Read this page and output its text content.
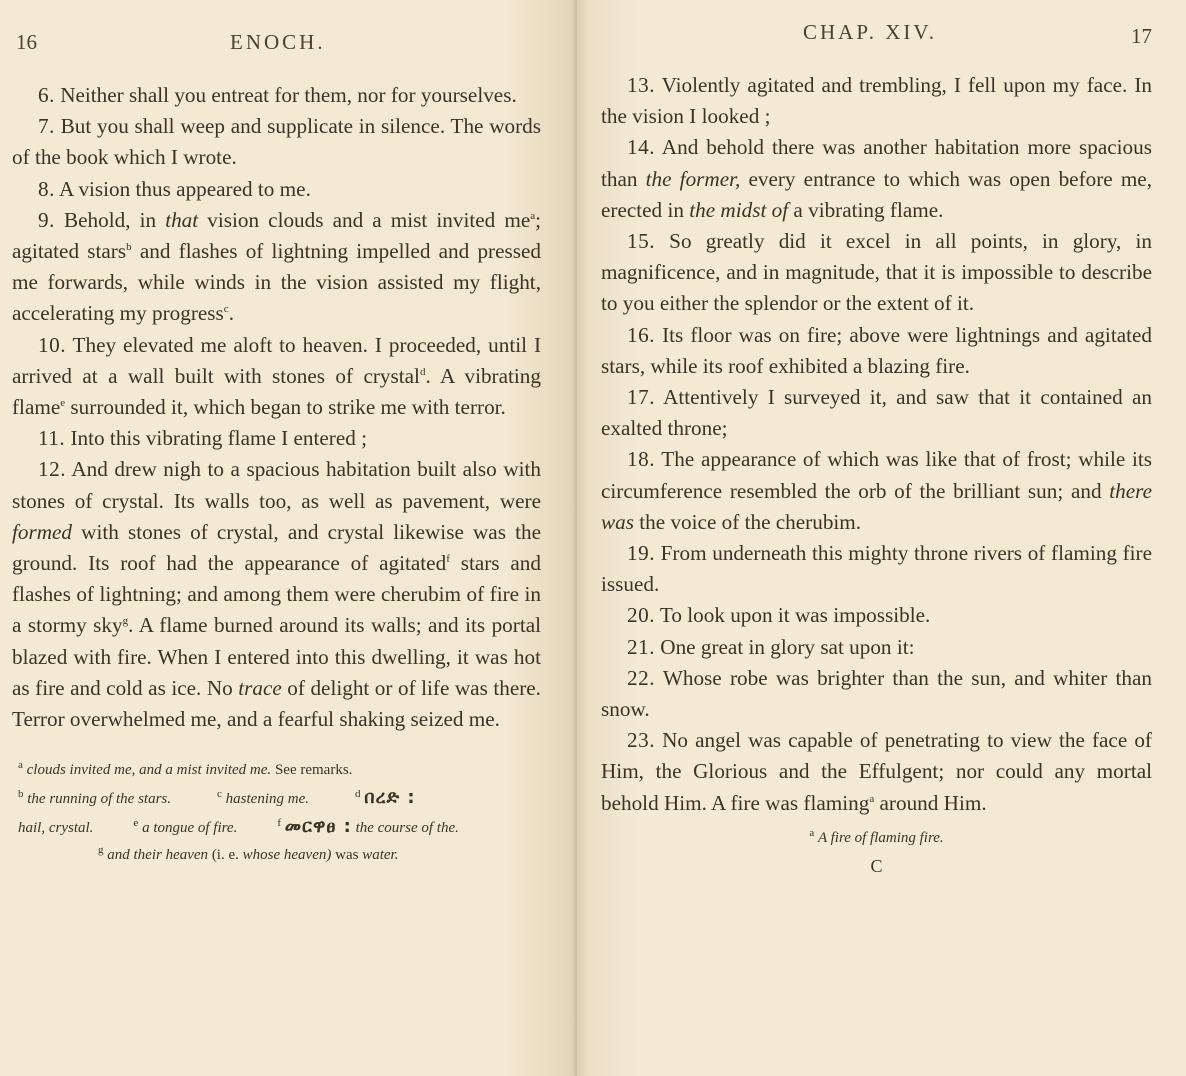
16	ENOCH.

6. Neither shall you entreat for them, nor for yourselves.

7. But you shall weep and supplicate in silence. The words of the book which I wrote.

8. A vision thus appeared to me.

9. Behold, in that vision clouds and a mist invited $me^a$; agitated stars$^b$ and flashes of lightning impelled and pressed me forwards, while winds in the vision assisted my flight, accelerating my progress$^c$.

10. They elevated me aloft to heaven. I proceeded, until I arrived at a wall built with stones of crystal$^d$. A vibrating flame$^e$ surrounded it, which began to strike me with terror.

11. Into this vibrating flame I entered ;

12. And drew nigh to a spacious habitation built also with stones of crystal. Its walls too, as well as pavement, were formed with stones of crystal, and crystal likewise was the ground. Its roof had the appearance of agitated$^f$ stars and flashes of lightning; and among them were cherubim of fire in a stormy sky$^g$. A flame burned around its walls; and its portal blazed with fire. When I entered into this dwelling, it was hot as fire and cold as ice. No trace of delight or of life was there. Terror overwhelmed me, and a fearful shaking seized me.

$^a$ clouds invited me, and a mist invited me. See remarks.
$^b$ the running of the stars.	$^c$ hastening me.	$^d$ በረድ :
hail, crystal.	$^e$ a tongue of fire.	$^f$ መርዋፀ : the course of the.
$^g$ and their heaven (i. e. whose heaven) was water.
CHAP. XIV.	17

13. Violently agitated and trembling, I fell upon my face. In the vision I looked ;

14. And behold there was another habitation more spacious than the former, every entrance to which was open before me, erected in the midst of a vibrating flame.

15. So greatly did it excel in all points, in glory, in magnificence, and in magnitude, that it is impossible to describe to you either the splendor or the extent of it.

16. Its floor was on fire; above were lightnings and agitated stars, while its roof exhibited a blazing fire.

17. Attentively I surveyed it, and saw that it contained an exalted throne;

18. The appearance of which was like that of frost; while its circumference resembled the orb of the brilliant sun; and there was the voice of the cherubim.

19. From underneath this mighty throne rivers of flaming fire issued.

20. To look upon it was impossible.

21. One great in glory sat upon it:

22. Whose robe was brighter than the sun, and whiter than snow.

23. No angel was capable of penetrating to view the face of Him, the Glorious and the Effulgent; nor could any mortal behold Him. A fire was flaming$^a$ around Him.

$^a$ A fire of flaming fire.
C
